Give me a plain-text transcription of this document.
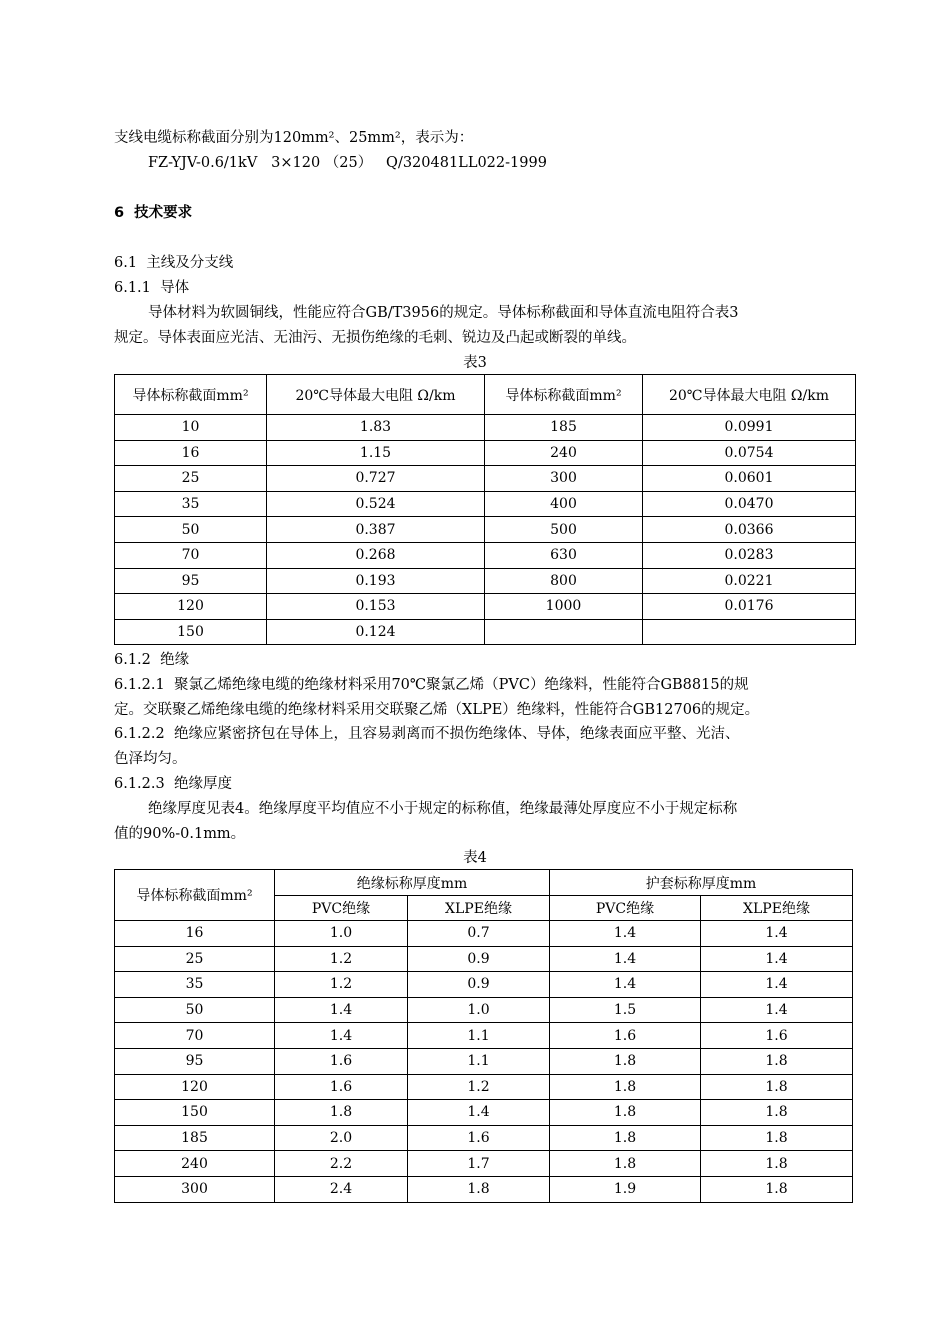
支线电缆标称截面分别为120mm²、25mm²，表示为：
FZ-YJV-0.6/1kV   3×120 （25）   Q/320481LL022-1999
6  技术要求
6.1  主线及分支线
6.1.1  导体
导体材料为软圆铜线，性能应符合GB/T3956的规定。导体标称截面和导体直流电阻符合表3
规定。导体表面应光洁、无油污、无损伤绝缘的毛刺、锐边及凸起或断裂的单线。
表3
导体标称截面mm²	20℃导体最大电阻 Ω/km	导体标称截面mm²	20℃导体最大电阻 Ω/km
10	1.83	185	0.0991
16	1.15	240	0.0754
25	0.727	300	0.0601
35	0.524	400	0.0470
50	0.387	500	0.0366
70	0.268	630	0.0283
95	0.193	800	0.0221
120	0.153	1000	0.0176
150	0.124		
6.1.2  绝缘
6.1.2.1  聚氯乙烯绝缘电缆的绝缘材料采用70℃聚氯乙烯（PVC）绝缘料，性能符合GB8815的规
定。交联聚乙烯绝缘电缆的绝缘材料采用交联聚乙烯（XLPE）绝缘料，性能符合GB12706的规定。
6.1.2.2  绝缘应紧密挤包在导体上，且容易剥离而不损伤绝缘体、导体，绝缘表面应平整、光洁、
色泽均匀。
6.1.2.3  绝缘厚度
绝缘厚度见表4。绝缘厚度平均值应不小于规定的标称值，绝缘最薄处厚度应不小于规定标称
值的90%-0.1mm。
表4
导体标称截面mm²	绝缘标称厚度mm		护套标称厚度mm	
	PVC绝缘	XLPE绝缘	PVC绝缘	XLPE绝缘
16	1.0	0.7	1.4	1.4
25	1.2	0.9	1.4	1.4
35	1.2	0.9	1.4	1.4
50	1.4	1.0	1.5	1.4
70	1.4	1.1	1.6	1.6
95	1.6	1.1	1.8	1.8
120	1.6	1.2	1.8	1.8
150	1.8	1.4	1.8	1.8
185	2.0	1.6	1.8	1.8
240	2.2	1.7	1.8	1.8
300	2.4	1.8	1.9	1.8
